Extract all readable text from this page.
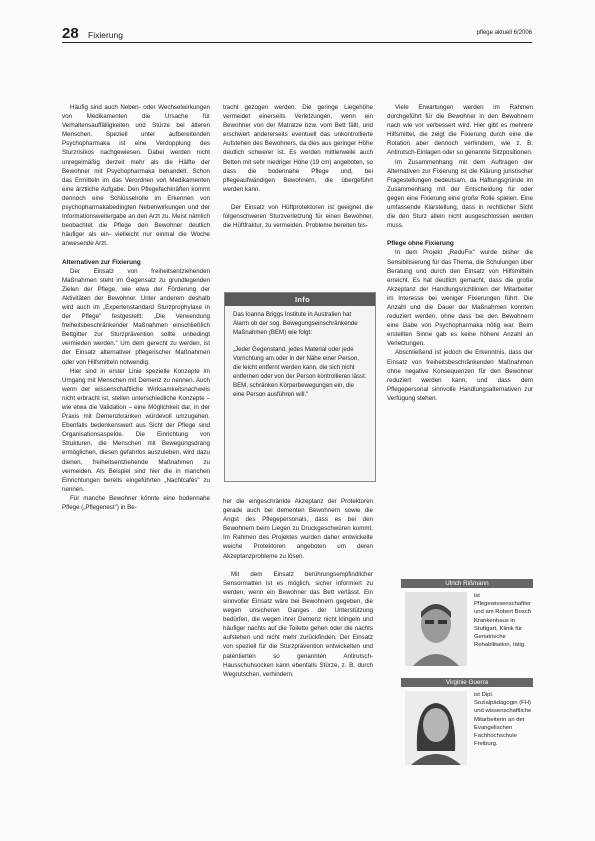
28 Fixierung	pflege aktuell 6/2006

Häufig sind auch Neben- oder Wechselwirkungen von Medikamenten die Ursache für Verhaltensauffälligkeiten und Stürze bei älteren Menschen. Speziell unter aufbereitenden Psychopharmaka ist eine Verdopplung des Sturzrisikos nachgewiesen. Dabei werden nicht unregelmäßig derzeit mehr als die Hälfte der Bewohner mit Psychopharmaka behandelt. Schon das Ermitteln im das Verordnen von Medikamenten eine ärztliche Aufgabe. Den Pflegefachkräften kommt dennoch eine Schlüsselrolle im Erkennen von psychopharmakabedingten Nebenwirkungen und der Informationsweitergabe an den Arzt zu. Meist nämlich beobachtet die Pflege den Bewohner deutlich häufiger als ein- vielleicht nur einmal die Woche anwesende Arzt.

Alternativen zur Fixierung

Der Einsatz von freiheitsentziehenden Maßnahmen steht im Gegensatz zu grundlegenden Zielen der Pflege, wie etwa der Förderung der Aktivitäten der Bewohner. Unter anderem deshalb wird auch im „Expertenstandard Sturzprophylaxe in der Pflege" festgestellt: „Die Verwendung freiheitsbeschränkender Maßnahmen einschließlich Bettgitter zur Sturzprävention sollte unbedingt vermieden werden." Um dem gerecht zu werden, ist der Einsatz alternativer pflegerischer Maßnahmen oder von Hilfsmitteln notwendig.

Hier sind in erster Linie spezielle Konzepte im Umgang mit Menschen mit Demenz zu nennen. Auch wenn der wissenschaftliche Wirksamkeitsnachweis nicht erbracht ist, stellen unterschiedliche Konzepte – wie etwa die Validation – eine Möglichkeit dar, in der Praxis mit Demenzkranken würdevoll umzugehen. Ebenfalls bedenkenswert aus Sicht der Pflege sind Organisationsaspekte. Die Einrichtung von Strukturen, die Menschen mit Bewegungsdrang ermöglichen, diesen gefahrlos auszuleben, wird dazu dienen, freiheitsentziehende Maßnahmen zu vermeiden. Als Beispiel sind hier die in manchen Einrichtungen bereits eingeführten „Nachtcafés" zu nennen.

Für manche Bewohner könnte eine bodennahe Pflege („Pflegenest") in Be-

tracht gezogen werden. Die geringe Liegehöhe vermeidet einerseits Verletzungen, wenn ein Bewohner von der Matratze bzw. vom Bett fällt, und erschwert andererseits eventuell das unkontrollierte Aufstehen des Bewohners, da dies aus geringer Höhe deutlich schwerer ist. Es werden mittlerweile auch Betten mit sehr niedriger Höhe (19 cm) angeboten, so dass die bodennahe Pflege und, bei pflegeaufwändigen Bewohnern, die übergeführt werden kann.

Der Einsatz von Hüftprotektoren ist geeignet die folgenschweren Sturzverletzung für einen Bewohner, die Hüftfraktur, zu vermeiden. Probleme bereiten bis-

Info

Das Ioanna Briggs Institute in Australien hat Alarm ob der sog. Bewegungseinschränkende Maßnahmen (BEM) wie folgt:

„Jeder Gegenstand, jedes Material oder jede Vorrichtung am oder in der Nähe einer Person, die leicht entfernt werden kann, die sich nicht entfernen oder von der Person kontrollieren lässt. BEM, schränken Körperbewegungen ein, die eine Person ausführen will."

her die eingeschränkte Akzeptanz der Protektoren gerade auch bei dementen Bewohnern sowie die Angst des Pflegepersonals, dass es bei den Bewohnern beim Liegen zu Druckgeschwüren kommt. Im Rahmen des Projektes wurden daher entwickelte weiche Protektoren angeboten um deren Akzeptanzprobleme zu lösen.

Mit dem Einsatz berührungsempfindlicher Sensormatten ist es möglich, sicher informiert zu werden, wenn ein Bewohner das Bett verlässt. Ein sinnvoller Einsatz wäre bei Bewohnern gegeben, die wegen unsicheren Ganges der Unterstützung bedürfen, die wegen ihrer Demenz nicht klingeln und häufiger nachts auf die Toilette gehen oder die nachts aufstehen und nicht mehr zurückfinden. Der Einsatz von speziell für die Sturzprävention entwickelten und patentierten so genannten Antirutsch-Hausschuhsocken kann ebenfalls Stürze, z. B. durch Wegrutschen, verhindern.

Viele Erwartungen werden im Rahmen durchgeführt für die Bewohner in den Bewohnern nach wie vor verbessert wird. Hier gibt es mehrere Hilfsmittel, die zeigt die Fixierung durch eine die Rotation aber dennoch verhindern, wie z. B. Antirutsch-Einlagen oder so genannte Sitzpositionen.

Im Zusammenhang mit dem Auftragen der Alternativen zur Fixierung ist die Klärung juristischer Fragestellungen bedeutsam, da Haftungsgründe im Zusammenhang mit der Entscheidung für oder gegen eine Fixierung eine große Rolle spielen. Eine umfassende Klarstellung, dass in rechtlicher Sicht die den Sturz allein nicht ausgeschlossen werden muss.

Pflege ohne Fixierung

In dem Projekt „ReduFix" wurde bisher die Sensibilisierung für das Thema, die Schulungen über Beratung und durch den Einsatz von Hilfsmitteln erreicht. Es hat deutlich gemacht, dass die große Akzeptanz der Handlungsrichtlinien der Mitarbeiter im Interesse bei weniger Fixierungen führt. Die Anzahl und die Dauer der Maßnahmen konnten reduziert werden, ohne dass bei den Bewohnern eine Gabe von Psychopharmaka nötig war. Beim erstellten Sinne gab es keine höhere Anzahl an Verletzungen.

Abschließend ist jedoch die Erkenntnis, dass der Einsatz von freiheitsbeschränkenden Maßnahmen ohne negative Konsequenzen für den Bewohner reduziert werden kann, und dass dem Pflegepersonal sinnvolle Handlungsalternativen zur Verfügung stehen.

Ulrich Rißmann
ist Pflegewissenschaftler und am Robert Bosch Krankenhaus in Stuttgart, Klinik für Geriatrische Rehabilitation, tätig.
Virginie Guerra
ist Dipl. Sozialpädagogin (FH) und wissenschaftliche Mitarbeiterin an der Evangelischen Fachhochschule Freiburg.
